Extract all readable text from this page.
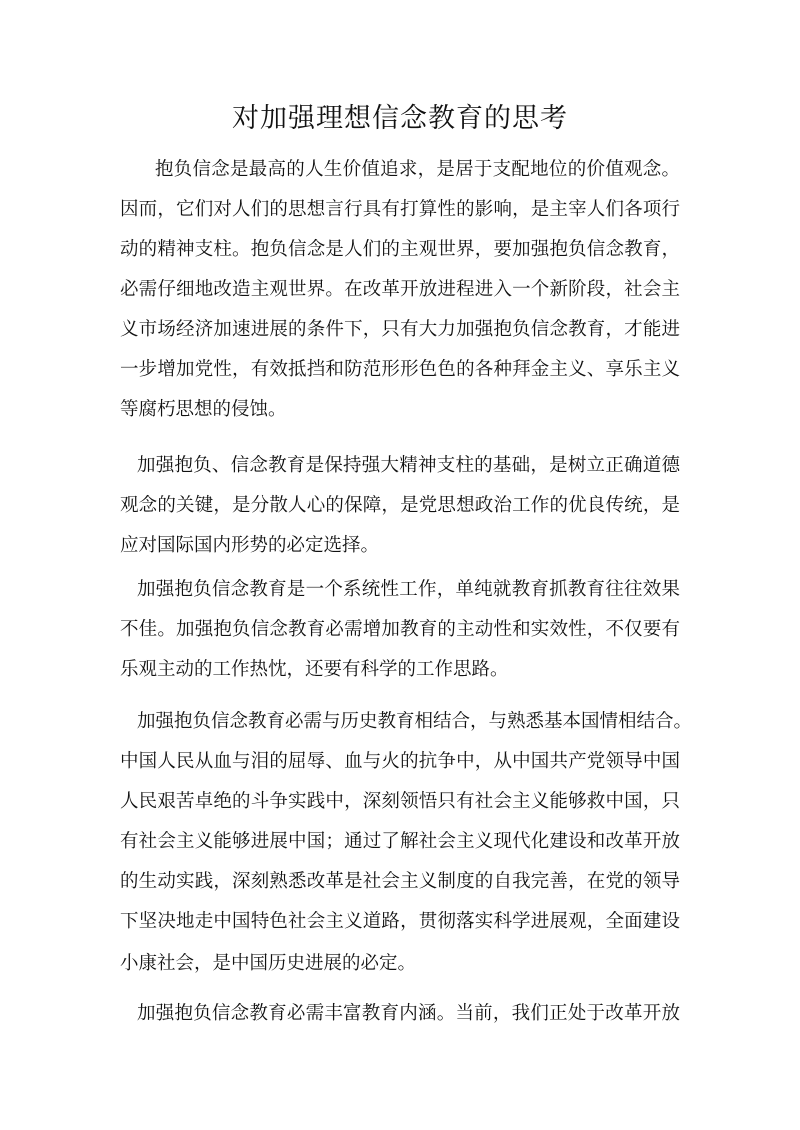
对加强理想信念教育的思考

抱负信念是最高的人生价值追求，是居于支配地位的价值观念。

因而，它们对人们的思想言行具有打算性的影响，是主宰人们各项行

动的精神支柱。抱负信念是人们的主观世界，要加强抱负信念教育，

必需仔细地改造主观世界。在改革开放进程进入一个新阶段，社会主

义市场经济加速进展的条件下，只有大力加强抱负信念教育，才能进

一步增加党性，有效抵挡和防范形形色色的各种拜金主义、享乐主义

等腐朽思想的侵蚀。

加强抱负、信念教育是保持强大精神支柱的基础，是树立正确道德

观念的关键，是分散人心的保障，是党思想政治工作的优良传统，是

应对国际国内形势的必定选择。

加强抱负信念教育是一个系统性工作，单纯就教育抓教育往往效果

不佳。加强抱负信念教育必需增加教育的主动性和实效性，不仅要有

乐观主动的工作热忱，还要有科学的工作思路。

加强抱负信念教育必需与历史教育相结合，与熟悉基本国情相结合。

中国人民从血与泪的屈辱、血与火的抗争中，从中国共产党领导中国

人民艰苦卓绝的斗争实践中，深刻领悟只有社会主义能够救中国，只

有社会主义能够进展中国；通过了解社会主义现代化建设和改革开放

的生动实践，深刻熟悉改革是社会主义制度的自我完善，在党的领导

下坚决地走中国特色社会主义道路，贯彻落实科学进展观，全面建设

小康社会，是中国历史进展的必定。

加强抱负信念教育必需丰富教育内涵。当前，我们正处于改革开放
